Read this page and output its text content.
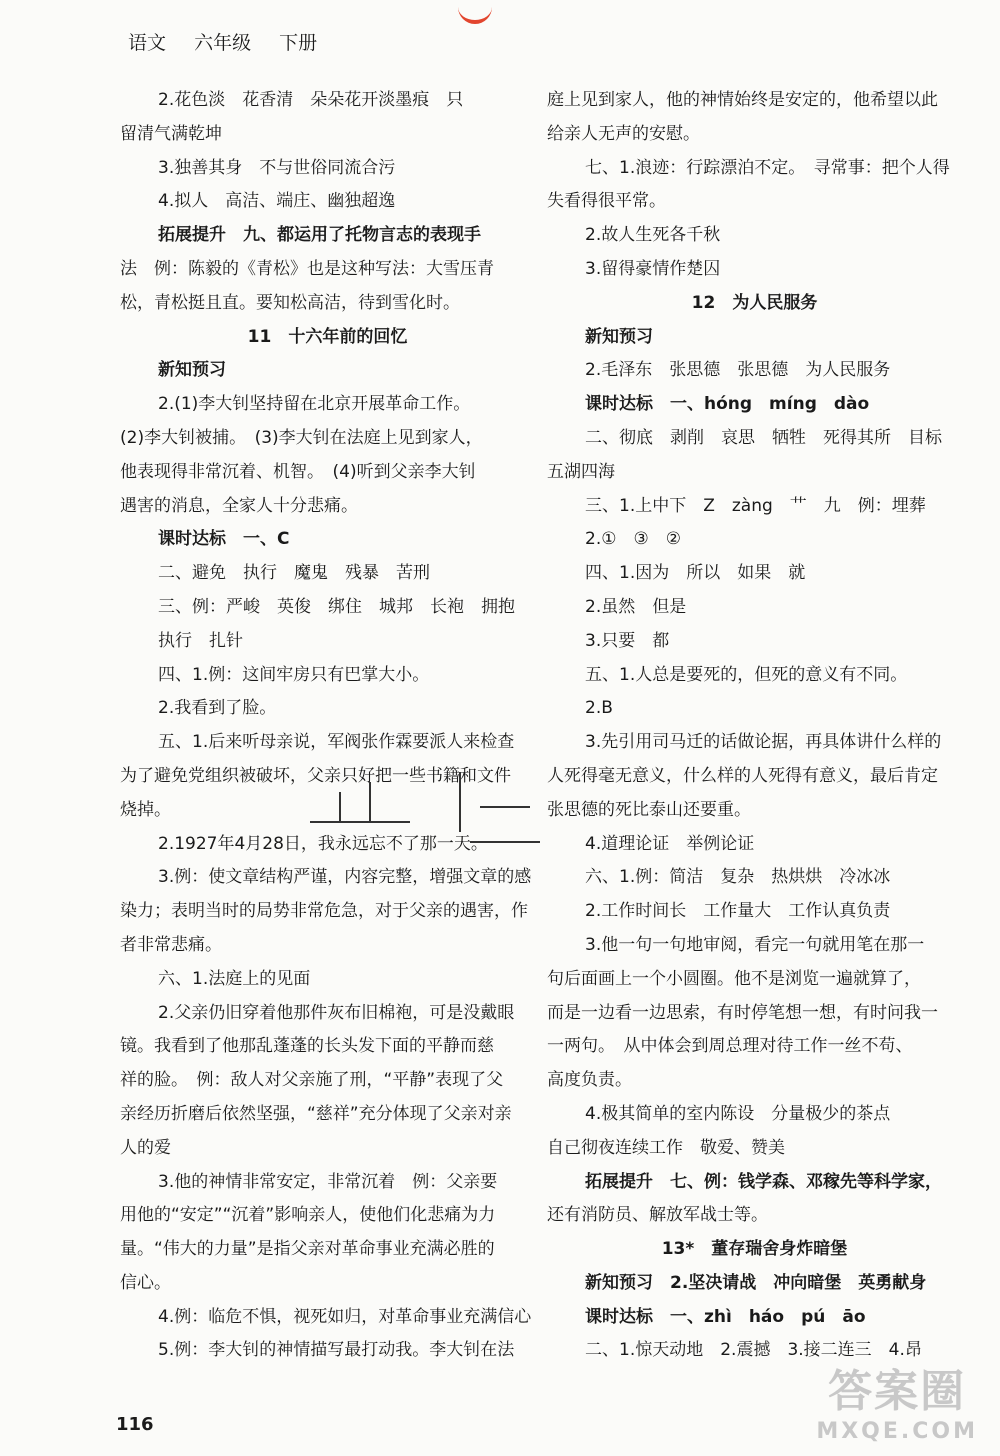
语文 六年级 下册
2.花色淡　花香清　朵朵花开淡墨痕　只
留清气满乾坤
3.独善其身　不与世俗同流合污
4.拟人　高洁、端庄、幽独超逸
拓展提升　九、都运用了托物言志的表现手
法　例：陈毅的《青松》也是这种写法：大雪压青
松，青松挺且直。要知松高洁，待到雪化时。
11　十六年前的回忆
新知预习
2.(1)李大钊坚持留在北京开展革命工作。
(2)李大钊被捕。　(3)李大钊在法庭上见到家人，
他表现得非常沉着、机智。　(4)听到父亲李大钊
遇害的消息，全家人十分悲痛。
课时达标　一、C
二、避免　执行　魔鬼　残暴　苦刑
三、例：严峻　英俊　绑住　城邦　长袍　拥抱
执行　扎针
四、1.例：这间牢房只有巴掌大小。
2.我看到了脸。
五、1.后来听母亲说，军阀张作霖要派人来检查
为了避免党组织被破坏，父亲只好把一些书籍和文件
烧掉。
2.1927年4月28日，我永远忘不了那一天。
3.例：使文章结构严谨，内容完整，增强文章的感
染力；表明当时的局势非常危急，对于父亲的遇害，作
者非常悲痛。
六、1.法庭上的见面
2.父亲仍旧穿着他那件灰布旧棉袍，可是没戴眼
镜。我看到了他那乱蓬蓬的长头发下面的平静而慈
祥的脸。　例：敌人对父亲施了刑，“平静”表现了父
亲经历折磨后依然坚强，“慈祥”充分体现了父亲对亲
人的爱
3.他的神情非常安定，非常沉着　例：父亲要
用他的“安定”“沉着”影响亲人，使他们化悲痛为力
量。“伟大的力量”是指父亲对革命事业充满必胜的
信心。
4.例：临危不惧，视死如归，对革命事业充满信心
5.例：李大钊的神情描写最打动我。李大钊在法
庭上见到家人，他的神情始终是安定的，他希望以此
给亲人无声的安慰。
七、1.浪迹：行踪漂泊不定。　寻常事：把个人得
失看得很平常。
2.故人生死各千秋
3.留得豪情作楚囚
12　为人民服务
新知预习
2.毛泽东　张思德　张思德　为人民服务
课时达标　一、hóng　míng　dào
二、彻底　剥削　哀思　牺牲　死得其所　目标
五湖四海
三、1.上中下　Z　zàng　艹　九　例：埋葬
2.①　③　②
四、1.因为　所以　如果　就
2.虽然　但是
3.只要　都
五、1.人总是要死的，但死的意义有不同。
2.B
3.先引用司马迁的话做论据，再具体讲什么样的
人死得毫无意义，什么样的人死得有意义，最后肯定
张思德的死比泰山还要重。
4.道理论证　举例论证
六、1.例：简洁　复杂　热烘烘　冷冰冰
2.工作时间长　工作量大　工作认真负责
3.他一句一句地审阅，看完一句就用笔在那一
句后面画上一个小圆圈。他不是浏览一遍就算了，
而是一边看一边思索，有时停笔想一想，有时问我一
一两句。　从中体会到周总理对待工作一丝不苟、
高度负责。
4.极其简单的室内陈设　分量极少的茶点
自己彻夜连续工作　敬爱、赞美
拓展提升　七、例：钱学森、邓稼先等科学家，
还有消防员、解放军战士等。
13*　董存瑞舍身炸暗堡
新知预习　2.坚决请战　冲向暗堡　英勇献身
课时达标　一、zhì　háo　pú　āo
二、1.惊天动地　2.震撼　3.接二连三　4.昂
116
答案圈
MXQE.COM
